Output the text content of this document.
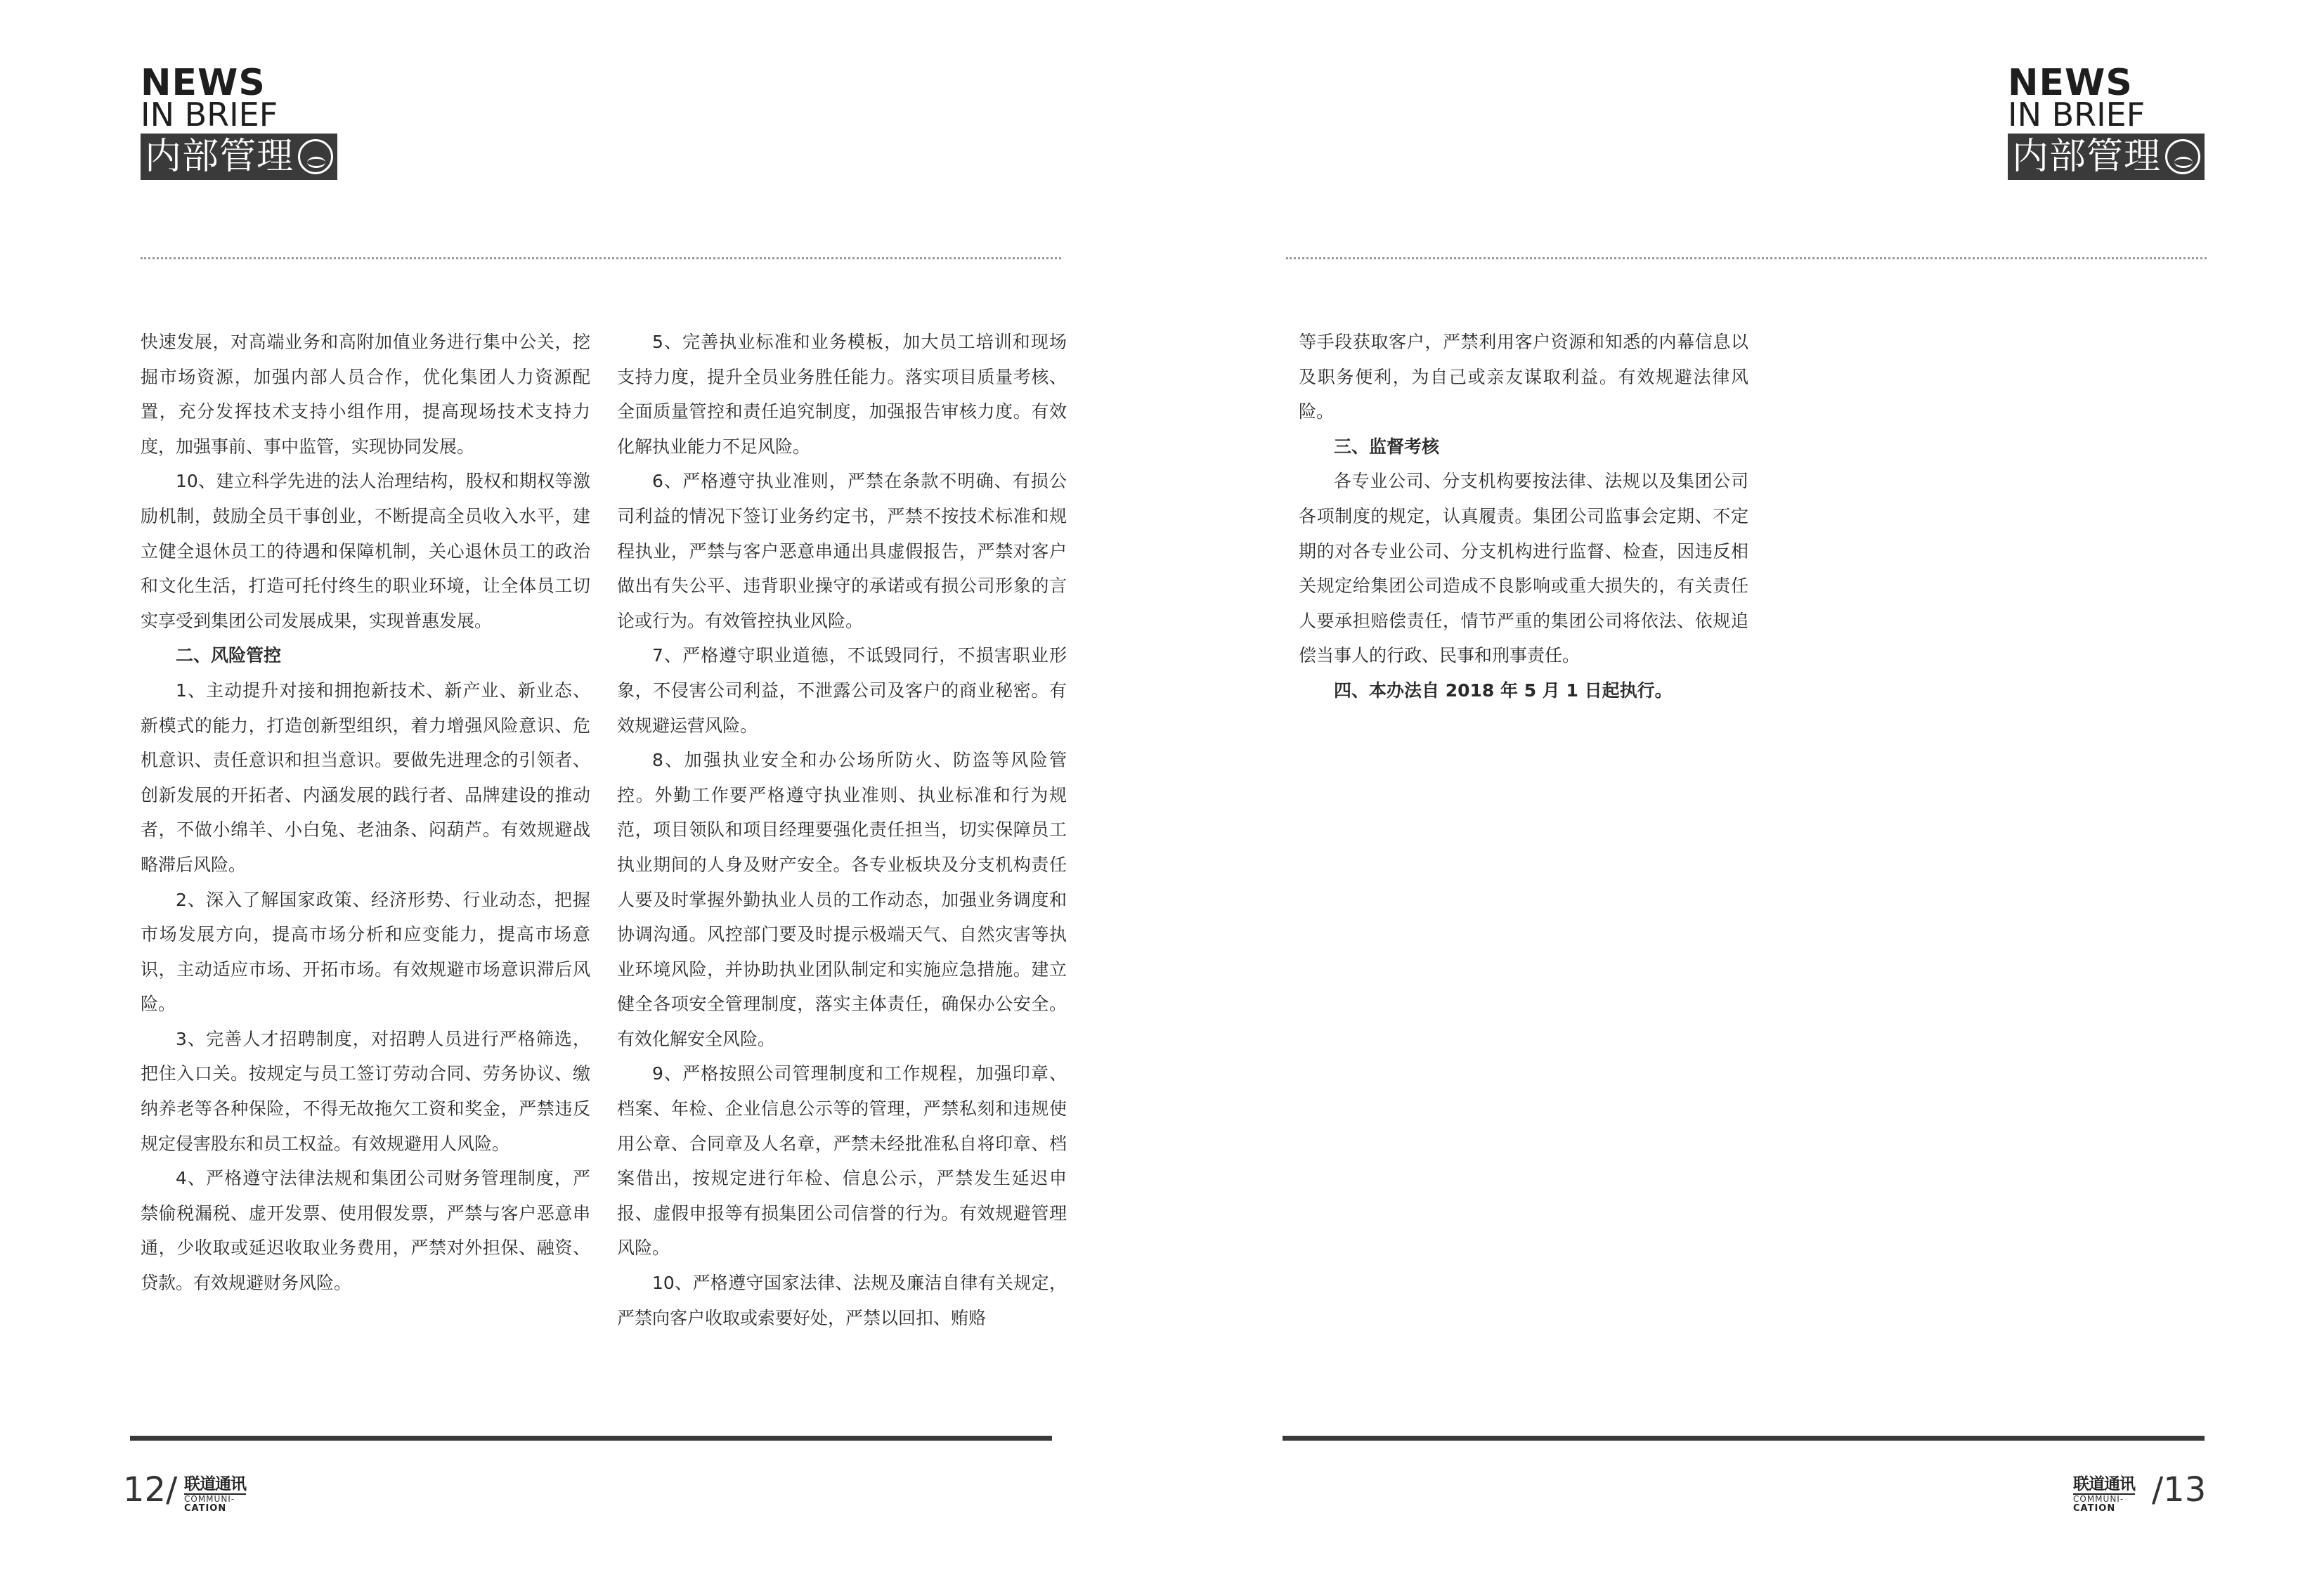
NEWS
IN BRIEF
内部管理
NEWS
IN BRIEF
内部管理

快速发展，对高端业务和高附加值业务进行集中公关，挖掘市场资源，加强内部人员合作，优化集团人力资源配置，充分发挥技术支持小组作用，提高现场技术支持力度，加强事前、事中监管，实现协同发展。

10、建立科学先进的法人治理结构，股权和期权等激励机制，鼓励全员干事创业，不断提高全员收入水平，建立健全退休员工的待遇和保障机制，关心退休员工的政治和文化生活，打造可托付终生的职业环境，让全体员工切实享受到集团公司发展成果，实现普惠发展。

二、风险管控

1、主动提升对接和拥抱新技术、新产业、新业态、新模式的能力，打造创新型组织，着力增强风险意识、危机意识、责任意识和担当意识。要做先进理念的引领者、创新发展的开拓者、内涵发展的践行者、品牌建设的推动者，不做小绵羊、小白兔、老油条、闷葫芦。有效规避战略滞后风险。

2、深入了解国家政策、经济形势、行业动态，把握市场发展方向，提高市场分析和应变能力，提高市场意识，主动适应市场、开拓市场。有效规避市场意识滞后风险。

3、完善人才招聘制度，对招聘人员进行严格筛选，把住入口关。按规定与员工签订劳动合同、劳务协议、缴纳养老等各种保险，不得无故拖欠工资和奖金，严禁违反规定侵害股东和员工权益。有效规避用人风险。

4、严格遵守法律法规和集团公司财务管理制度，严禁偷税漏税、虚开发票、使用假发票，严禁与客户恶意串通，少收取或延迟收取业务费用，严禁对外担保、融资、贷款。有效规避财务风险。

5、完善执业标准和业务模板，加大员工培训和现场支持力度，提升全员业务胜任能力。落实项目质量考核、全面质量管控和责任追究制度，加强报告审核力度。有效化解执业能力不足风险。

6、严格遵守执业准则，严禁在条款不明确、有损公司利益的情况下签订业务约定书，严禁不按技术标准和规程执业，严禁与客户恶意串通出具虚假报告，严禁对客户做出有失公平、违背职业操守的承诺或有损公司形象的言论或行为。有效管控执业风险。

7、严格遵守职业道德，不诋毁同行，不损害职业形象，不侵害公司利益，不泄露公司及客户的商业秘密。有效规避运营风险。

8、加强执业安全和办公场所防火、防盗等风险管控。外勤工作要严格遵守执业准则、执业标准和行为规范，项目领队和项目经理要强化责任担当，切实保障员工执业期间的人身及财产安全。各专业板块及分支机构责任人要及时掌握外勤执业人员的工作动态，加强业务调度和协调沟通。风控部门要及时提示极端天气、自然灾害等执业环境风险，并协助执业团队制定和实施应急措施。建立健全各项安全管理制度，落实主体责任，确保办公安全。有效化解安全风险。

9、严格按照公司管理制度和工作规程，加强印章、档案、年检、企业信息公示等的管理，严禁私刻和违规使用公章、合同章及人名章，严禁未经批准私自将印章、档案借出，按规定进行年检、信息公示，严禁发生延迟申报、虚假申报等有损集团公司信誉的行为。有效规避管理风险。

10、严格遵守国家法律、法规及廉洁自律有关规定，严禁向客户收取或索要好处，严禁以回扣、贿赂

等手段获取客户，严禁利用客户资源和知悉的内幕信息以及职务便利，为自己或亲友谋取利益。有效规避法律风险。

三、监督考核

各专业公司、分支机构要按法律、法规以及集团公司各项制度的规定，认真履责。集团公司监事会定期、不定期的对各专业公司、分支机构进行监督、检查，因违反相关规定给集团公司造成不良影响或重大损失的，有关责任人要承担赔偿责任，情节严重的集团公司将依法、依规追偿当事人的行政、民事和刑事责任。

四、本办法自 2018 年 5 月 1 日起执行。

12/ 联道通讯
COMMUNI-
CATION
联道通讯
COMMUNI-
CATION	/13
